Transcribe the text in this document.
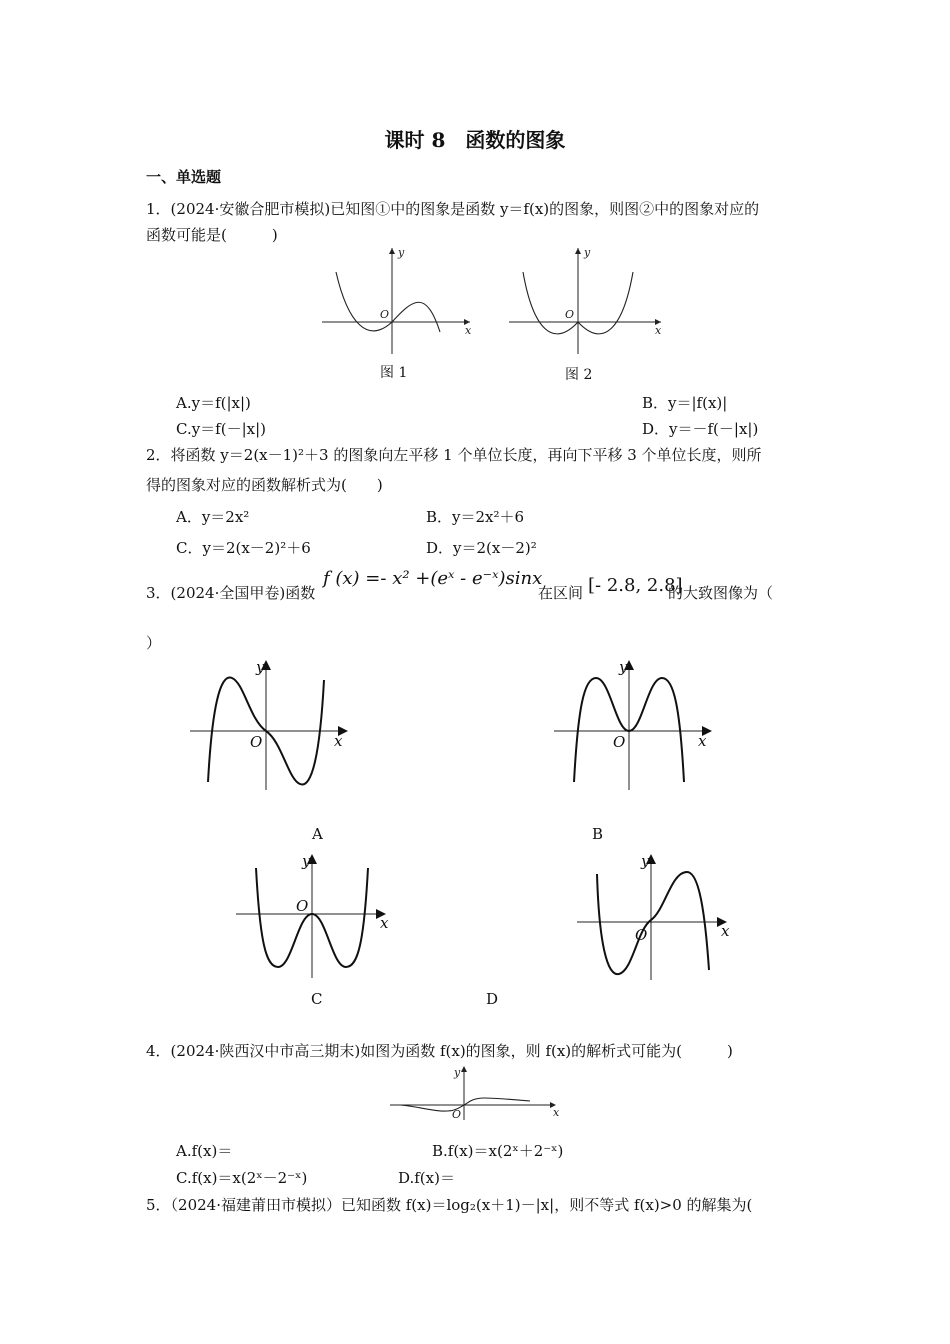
课时 8　函数的图象
一、单选题
1．(2024·安徽合肥市模拟)已知图①中的图象是函数 y＝f(x)的图象，则图②中的图象对应的
函数可能是(　　　)
y
x
O
图 1
y
x
O
图 2
A.y＝f(|x|)	B．y＝|f(x)|
C.y＝f(－|x|)	D．y＝－f(－|x|)
2．将函数 y＝2(x－1)²＋3 的图象向左平移 1 个单位长度，再向下平移 3 个单位长度，则所
得的图象对应的函数解析式为(　　)
A．y＝2x²	B．y＝2x²＋6
C．y＝2(x－2)²＋6	D．y＝2(x－2)²
3．(2024·全国甲卷)函数
f (x) =- x² +(eˣ - e⁻ˣ)sinx
在区间 [- 2.8, 2.8]
的大致图像为（
）
y
x
O
A
y
x
O
B
y
x
O
C
y
x
O
D
4．(2024·陕西汉中市高三期末)如图为函数 f(x)的图象，则 f(x)的解析式可能为(　　　)
y
x
O
A.f(x)＝	B.f(x)＝x(2ˣ＋2⁻ˣ)
C.f(x)＝x(2ˣ－2⁻ˣ)	D.f(x)＝
5．（2024·福建莆田市模拟）已知函数 f(x)＝log₂(x＋1)－|x|，则不等式 f(x)>0 的解集为(
